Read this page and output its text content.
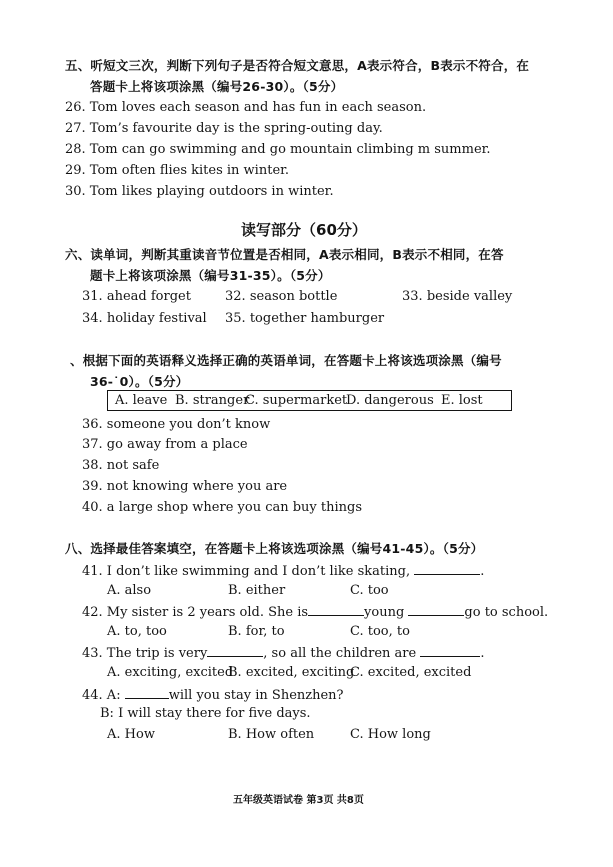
五、听短文三次，判断下列句子是否符合短文意思，A表示符合，B表示不符合，在
答题卡上将该项涂黑（编号26-30）。（5分）
26. Tom loves each season and has fun in each season.
27. Tom’s favourite day is the spring-outing day.
28. Tom can go swimming and go mountain climbing m summer.
29. Tom often flies kites in winter.
30. Tom likes playing outdoors in winter.
读写部分（60分）
六、读单词，判断其重读音节位置是否相同，A表示相同，B表示不相同，在答
题卡上将该项涂黑（编号31-35）。（5分）
31. ahead forget	32. season bottle	33. beside valley
34. holiday festival 35. together hamburger
、根据下面的英语释义选择正确的英语单词，在答题卡上将该选项涂黑（编号
36-˙0）。（5分）
A. leave B. stranger
C. supermarket
D. dangerous E. lost
36. someone you don’t know
37. go away from a place
38. not safe
39. not knowing where you are
40. a large shop where you can buy things
八、选择最佳答案填空，在答题卡上将该选项涂黑（编号41-45）。（5分）
41. I don’t like swimming and I don’t like skating,	.
A. also	B. either	C. too
42. My sister is 2 years old. She is	young	go to school.
A. to, too	B. for, to	C. too, to
43. The trip is very	, so all the children are	.
A. exciting, excited
B. excited, exciting
C. excited, excited
44. A:	will you stay in Shenzhen?
B: I will stay there for five days.
A. How	B. How often	C. How long
五年级英语试卷 第3页 共8页
